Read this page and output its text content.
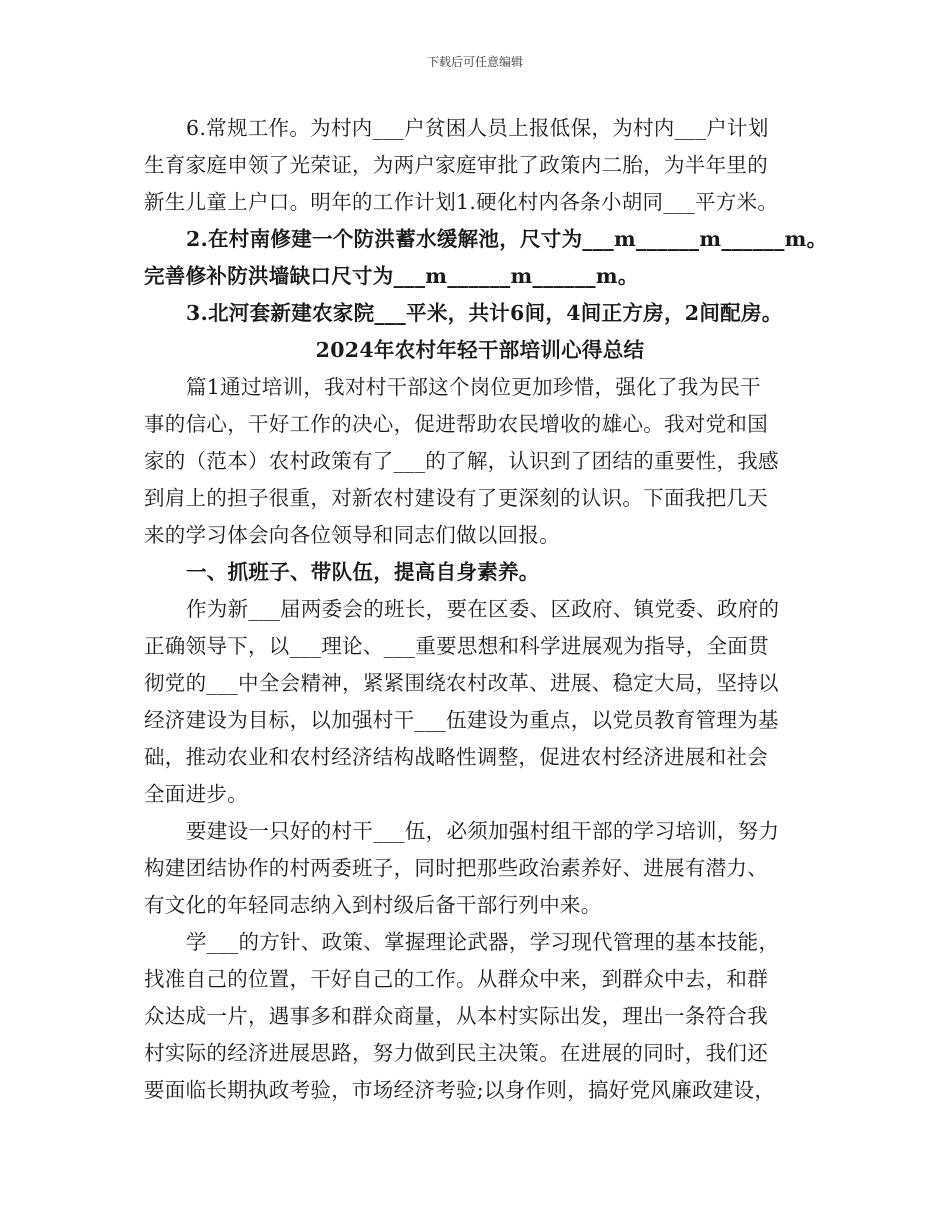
下载后可任意编辑
6.常规工作。为村内___户贫困人员上报低保，为村内___户计划
生育家庭申领了光荣证，为两户家庭审批了政策内二胎，为半年里的
新生儿童上户口。明年的工作计划1.硬化村内各条小胡同___平方米。
2.在村南修建一个防洪蓄水缓解池，尺寸为___m______m______m。
完善修补防洪墙缺口尺寸为___m______m______m。
3.北河套新建农家院___平米，共计6间，4间正方房，2间配房。
2024年农村年轻干部培训心得总结
篇1通过培训，我对村干部这个岗位更加珍惜，强化了我为民干
事的信心，干好工作的决心，促进帮助农民增收的雄心。我对党和国
家的（范本）农村政策有了___的了解，认识到了团结的重要性，我感
到肩上的担子很重，对新农村建设有了更深刻的认识。下面我把几天
来的学习体会向各位领导和同志们做以回报。
一、抓班子、带队伍，提高自身素养。
作为新___届两委会的班长，要在区委、区政府、镇党委、政府的
正确领导下，以___理论、___重要思想和科学进展观为指导，全面贯
彻党的___中全会精神，紧紧围绕农村改革、进展、稳定大局，坚持以
经济建设为目标，以加强村干___伍建设为重点，以党员教育管理为基
础，推动农业和农村经济结构战略性调整，促进农村经济进展和社会
全面进步。
要建设一只好的村干___伍，必须加强村组干部的学习培训，努力
构建团结协作的村两委班子，同时把那些政治素养好、进展有潜力、
有文化的年轻同志纳入到村级后备干部行列中来。
学___的方针、政策、掌握理论武器，学习现代管理的基本技能，
找准自己的位置，干好自己的工作。从群众中来，到群众中去，和群
众达成一片，遇事多和群众商量，从本村实际出发，理出一条符合我
村实际的经济进展思路，努力做到民主决策。在进展的同时，我们还
要面临长期执政考验，市场经济考验;以身作则，搞好党风廉政建设，
